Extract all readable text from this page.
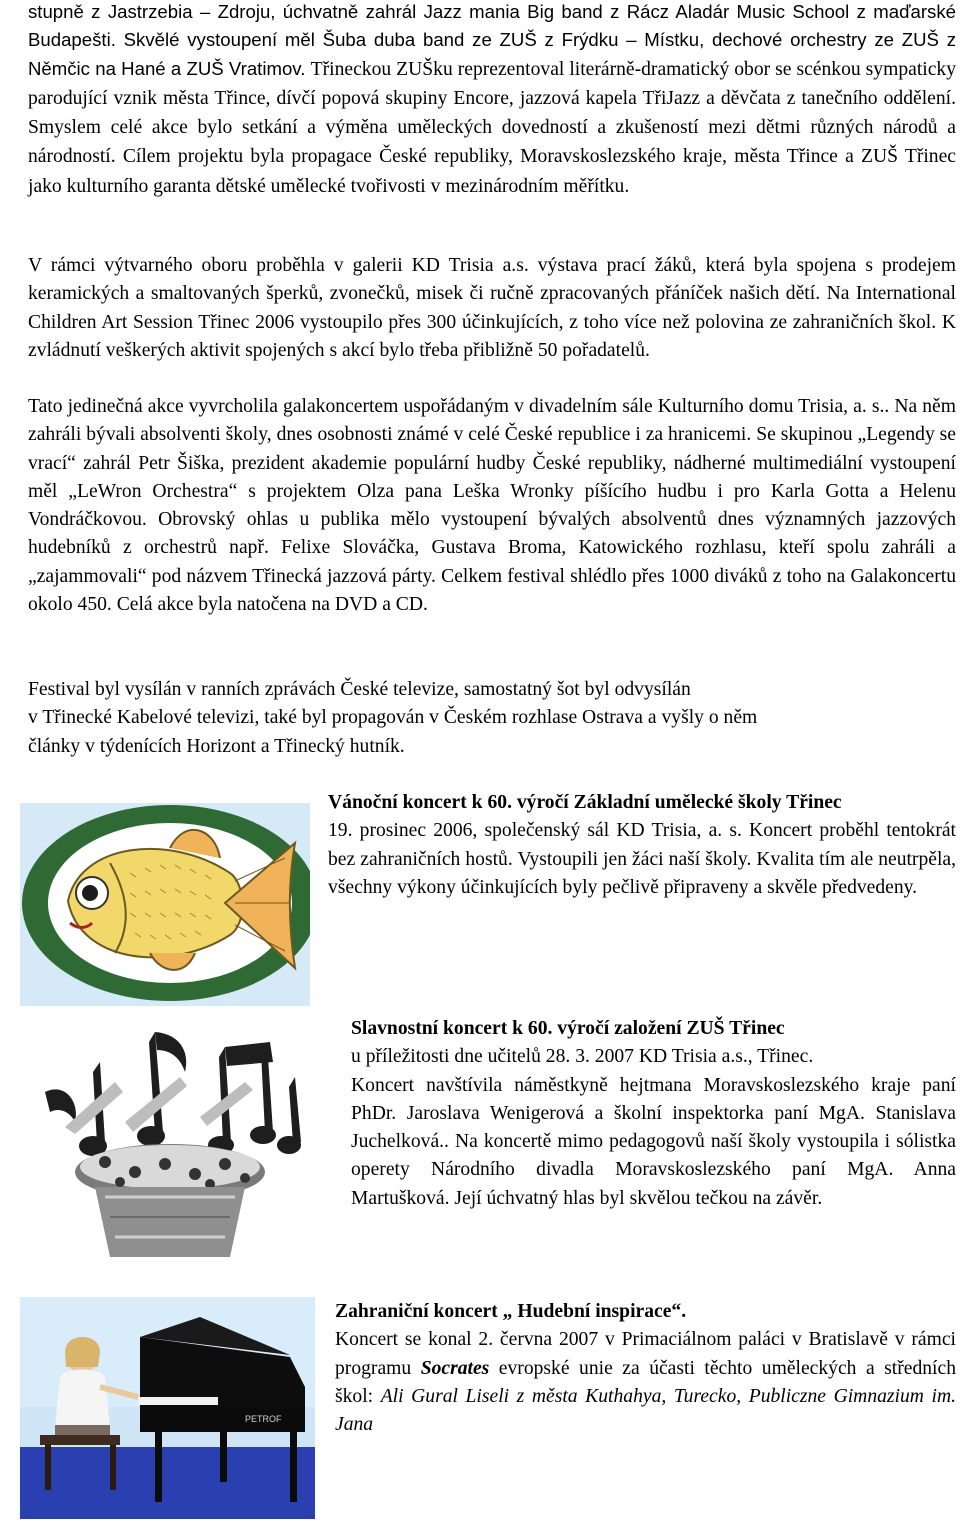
stupně z Jastrzebia – Zdroju, úchvatně zahrál Jazz mania Big band z Rácz Aladár Music School z maďarské Budapešti. Skvělé vystoupení měl Šuba duba band ze ZUŠ z Frýdku – Místku, dechové orchestry ze ZUŠ z Němčic na Hané a ZUŠ Vratimov. Třineckou ZUŠku reprezentoval literárně-dramatický obor se scénkou sympaticky parodující vznik města Třince, dívčí popová skupiny Encore, jazzová kapela TřiJazz a děvčata z tanečního oddělení. Smyslem celé akce bylo setkání a výměna uměleckých dovedností a zkušeností mezi dětmi různých národů a národností. Cílem projektu byla propagace České republiky, Moravskoslezského kraje, města Třince a ZUŠ Třinec jako kulturního garanta dětské umělecké tvořivosti v mezinárodním měřítku.

V rámci výtvarného oboru proběhla v galerii KD Trisia a.s. výstava prací žáků, která byla spojena s prodejem keramických a smaltovaných šperků, zvonečků, misek či ručně zpracovaných přáníček našich dětí. Na International Children Art Session Třinec 2006 vystoupilo přes 300 účinkujících, z toho více než polovina ze zahraničních škol. K zvládnutí veškerých aktivit spojených s akcí bylo třeba přibližně 50 pořadatelů.

Tato jedinečná akce vyvrcholila galakoncertem uspořádaným v divadelním sále Kulturního domu Trisia, a. s.. Na něm zahráli bývali absolventi školy, dnes osobnosti známé v celé České republice i za hranicemi. Se skupinou „Legendy se vrací“ zahrál Petr Šiška, prezident akademie populární hudby České republiky, nádherné multimediální vystoupení měl „LeWron Orchestra“ s projektem Olza pana Leška Wronky píšícího hudbu i pro Karla Gotta a Helenu Vondráčkovou. Obrovský ohlas u publika mělo vystoupení bývalých absolventů dnes významných jazzových hudebníků z orchestrů např. Felixe Slováčka, Gustava Broma, Katowického rozhlasu, kteří spolu zahráli a „zajammovali“ pod názvem Třinecká jazzová párty. Celkem festival shlédlo přes 1000 diváků z toho na Galakoncertu okolo 450. Celá akce byla natočena na DVD a CD.

Festival byl vysílán v ranních zprávách České televize, samostatný šot byl odvysílán
v Třinecké Kabelové televizi, také byl propagován v Českém rozhlase Ostrava a vyšly o něm
články v týdenících Horizont a Třinecký hutník.

Vánoční koncert k 60. výročí Základní umělecké školy Třinec
19. prosinec 2006, společenský sál KD Trisia, a. s. Koncert proběhl tentokrát bez zahraničních hostů. Vystoupili jen žáci naší školy. Kvalita tím ale neutrpěla, všechny výkony účinkujících byly pečlivě připraveny a skvěle předvedeny.
Slavnostní koncert k 60. výročí založení ZUŠ Třinec
u příležitosti dne učitelů 28. 3. 2007 KD Trisia a.s., Třinec.
Koncert navštívila náměstkyně hejtmana Moravskoslezského kraje paní PhDr. Jaroslava Wenigerová a školní inspektorka paní MgA. Stanislava Juchelková.. Na koncertě mimo pedagogovů naší školy vystoupila i sólistka operety Národního divadla Moravskoslezského paní MgA. Anna Martušková. Její úchvatný hlas byl skvělou tečkou na závěr.
PETROF
Zahraniční koncert „ Hudební inspirace“.
Koncert se konal 2. června 2007 v Primaciálnom paláci v Bratislavě v rámci programu Socrates evropské unie za účasti těchto uměleckých a středních škol: Ali Gural Liseli z města Kuthahya, Turecko, Publiczne Gimnazium im. Jana
